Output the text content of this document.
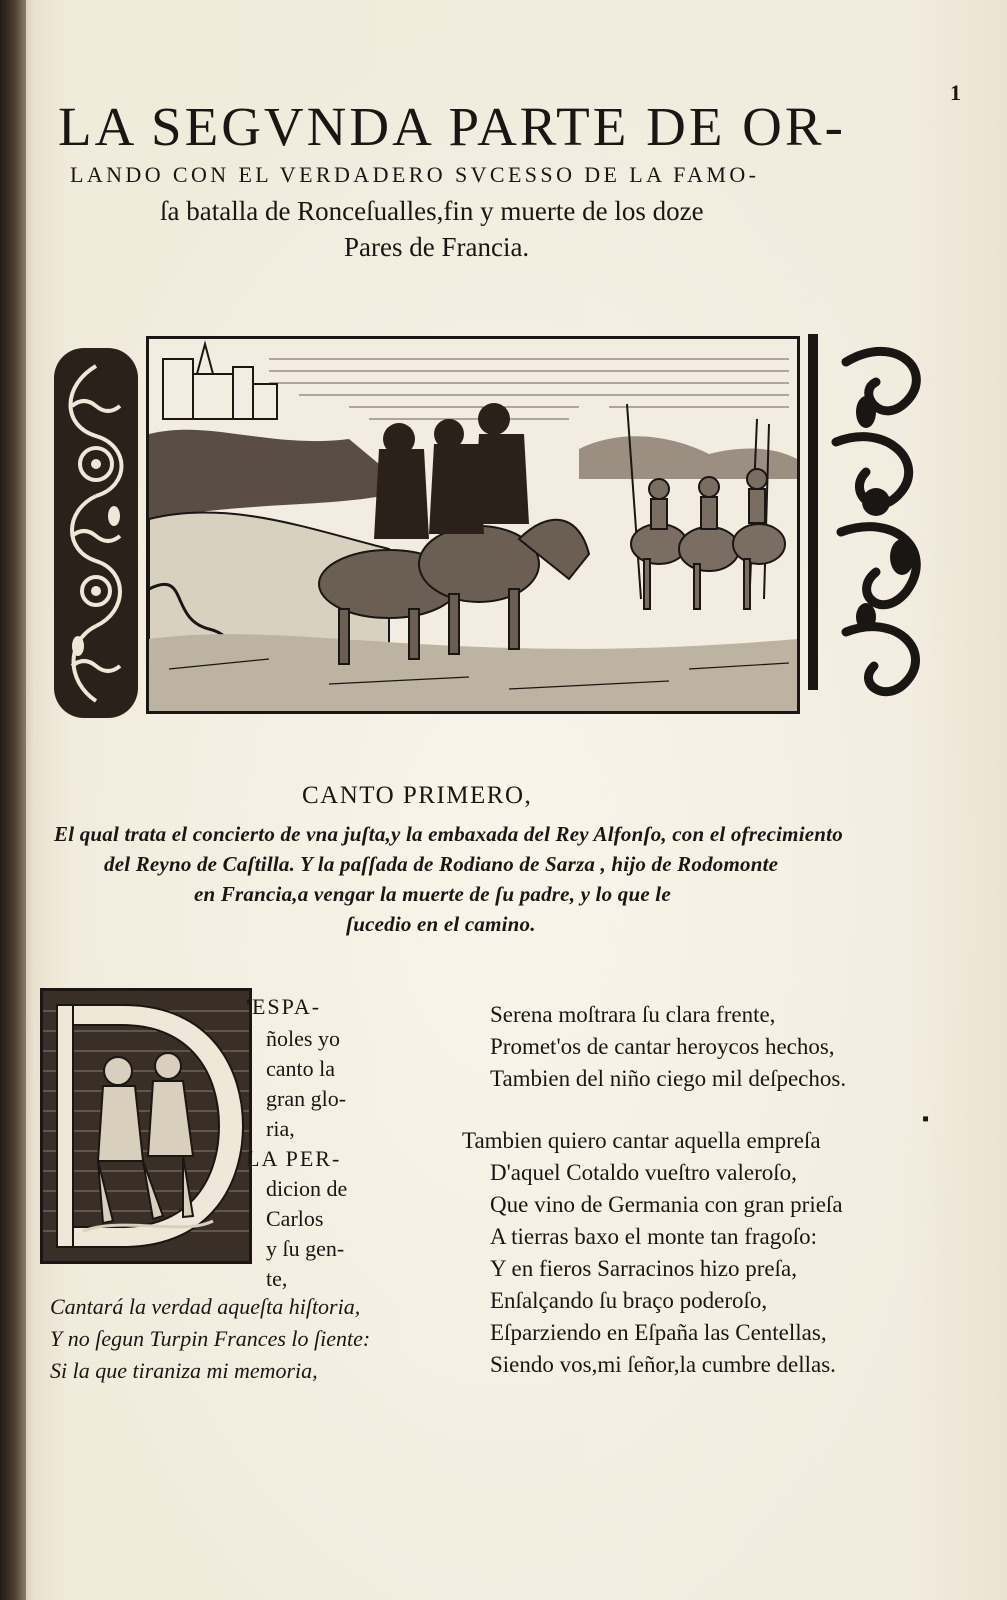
1
LA SEGVNDA PARTE DE OR-
LANDO CON EL VERDADERO SVCESSO DE LA FAMO-
ſa batalla de Ronceſualles,fin y muerte de los doze
Pares de Francia.
CANTO PRIMERO,
El qual trata el concierto de vna juſta,y la embaxada del Rey Alfonſo, con el ofrecimiento
del Reyno de Caſtilla. Y la paſſada de Rodiano de Sarza , hijo de Rodomonte
en Francia,a vengar la muerte de ſu padre, y lo que le
ſucedio en el camino.
'ESPA-
ñoles yo
canto la
gran glo-
ria,
LA PER-
dicion de
Carlos
y ſu gen-
te,
Cantará la verdad aqueſta hiſtoria,
Y no ſegun Turpin Frances lo ſiente:
Si la que tiraniza mi memoria,
Serena moſtrara ſu clara frente,
Promet'os de cantar heroycos hechos,
Tambien del niño ciego mil deſpechos.
Tambien quiero cantar aquella empreſa
D'aquel Cotaldo vueſtro valeroſo,
Que vino de Germania con gran prieſa
A tierras baxo el monte tan fragoſo:
Y en fieros Sarracinos hizo preſa,
Enſalçando ſu braço poderoſo,
Eſparziendo en Eſpaña las Centellas,
Siendo vos,mi ſeñor,la cumbre dellas.
▪
